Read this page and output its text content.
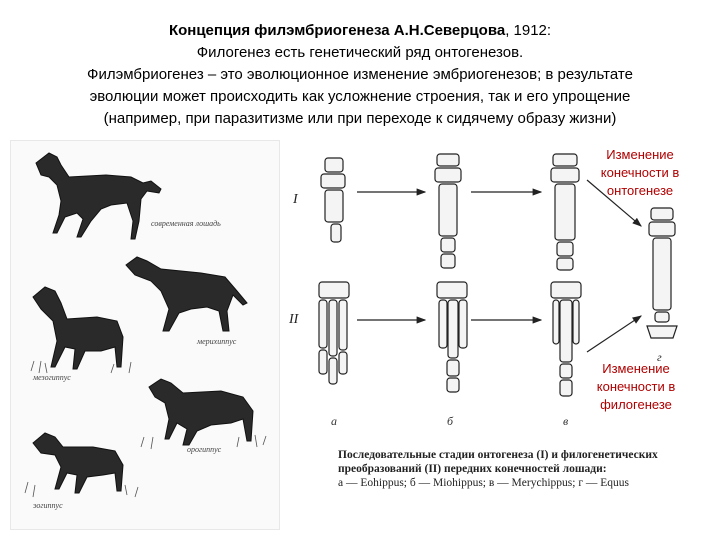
Концепция филэмбриогенеза А.Н.Северцова, 1912:
Филогенез есть генетический ряд онтогенезов.
Филэмбриогенез – это эволюционное изменение эмбриогенезов; в результате
эволюции может происходить как усложнение строения, так и его упрощение
(например, при паразитизме или при переходе к сидячему образу жизни)
современная лошадь
мерихиппус
мезогиппус
орогиппус
эогиппус
I
II
а	б	в
г
Изменение
конечности в
онтогенезе
Изменение
конечности в
филогенезе
Последовательные стадии онтогенеза (I) и филогенетических
преобразований (II) передних конечностей лошади:
а — Eohippus; б — Miohippus; в — Merychippus; г — Equus
